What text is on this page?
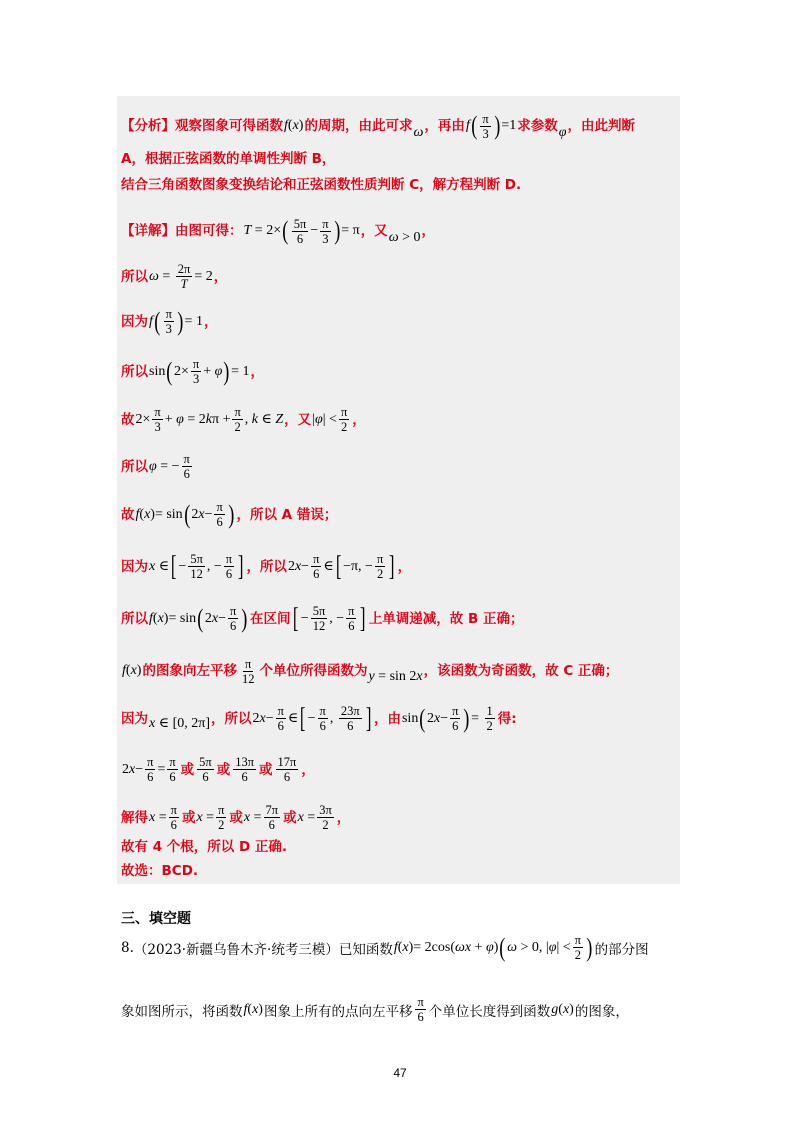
【分析】 观察图象可得函数 f ( x ) 的周期，由此可求 ω ，再由 f ( $\frac{\pi}{3}$ ) =1 求参数 φ ，由此判断
A，根据正弦函数的单调性判断 B，
结合三角函数图象变换结论和正弦函数性质判断 C，解方程判断 D.
【详解】 由图可得： T = 2× ( $\frac{5\pi}{6} - \frac{\pi}{3}$ ) = π ，又 ω > 0 ，
所以 $\omega = \frac{2\pi}{T} = 2$ ，
因为 f ( $\frac{\pi}{3}$ ) = 1 ，
所以 sin ( $2\times \frac{\pi}{3} + \varphi$ ) = 1 ，
故 $2\times \frac{\pi}{3} + \varphi = 2$ k $\pi + \frac{\pi}{2}$ , k ∈ Z ，又 | φ | < $\frac{\pi}{2}$ ，
所以 φ = − $\frac{\pi}{6}$
故 f ( x )= sin ( 2 $x - \frac{\pi}{6}$ ) ，所以 A 错误；
因为 x ∈ [ − $\frac{5\pi}{12}$ , − $\frac{\pi}{6}$ ] ，所以 2 $x - \frac{\pi}{6}$ ∈ [ −π, − $\frac{\pi}{2}$ ] ，
所以 f ( x )= sin ( 2 $x - \frac{\pi}{6}$ ) 在区间 [ − $\frac{5\pi}{12}$ , − $\frac{\pi}{6}$ ] 上单调递减，故 B 正确；
f ( x ) 的图象向左平移 $\frac{\pi}{12}$ 个单位所得函数为 y = sin 2 x ，该函数为奇函数，故 C 正确；
因为 x ∈ [0, 2π] ，所以 2 $x - \frac{\pi}{6}$ ∈ [ − $\frac{\pi}{6}$ , $\frac{23\pi}{6}$ ] ，由 sin ( 2 $x - \frac{\pi}{6}$ ) = $\frac{1}{2}$ 得:
2 $x - \frac{\pi}{6} = \frac{\pi}{6}$ 或 $\frac{5\pi}{6}$ 或 $\frac{13\pi}{6}$ 或 $\frac{17\pi}{6}$ ，
解得 $x = \frac{\pi}{6}$ 或 $x = \frac{\pi}{2}$ 或 $x = \frac{7\pi}{6}$ 或 $x = \frac{3\pi}{2}$ ，
故有 4 个根，所以 D 正确.
故选：BCD.
三、填空题
8. （2023·新疆乌鲁木齐·统考三模）已知函数 f ( x )= 2cos( ωx + φ ) ( ω > 0, | φ | < $\frac{\pi}{2}$ ) 的部分图
象如图所示，将函数 f ( x ) 图象上所有的点向左平移 $\frac{\pi}{6}$ 个单位长度得到函数 g ( x ) 的图象，
47
